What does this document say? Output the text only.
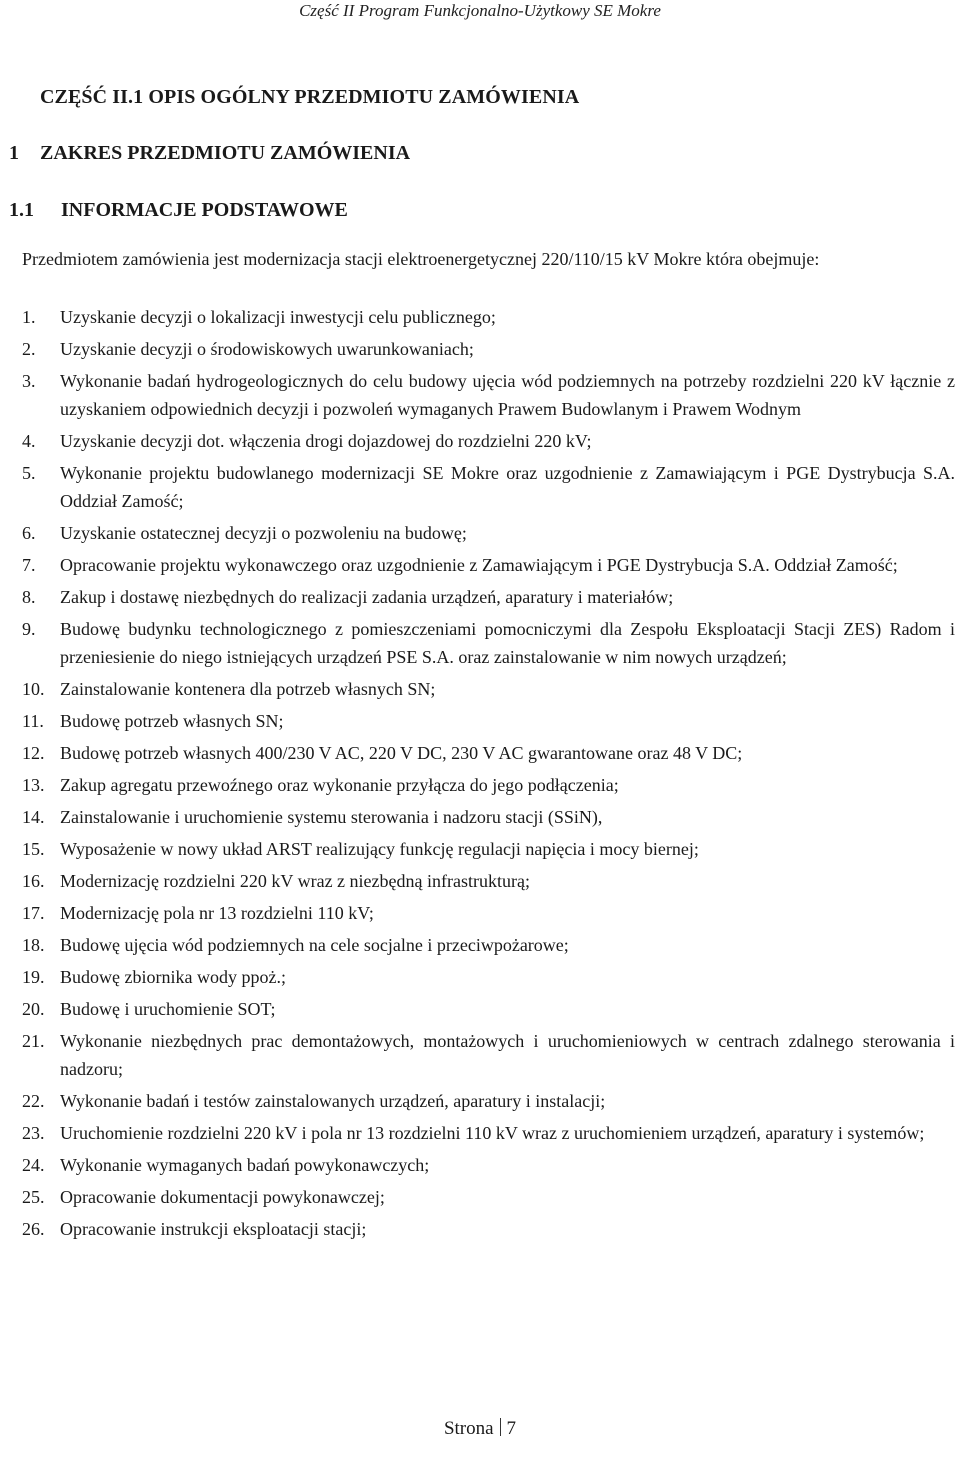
Część II Program Funkcjonalno-Użytkowy SE Mokre
CZĘŚĆ II.1 OPIS OGÓLNY PRZEDMIOTU ZAMÓWIENIA
1 ZAKRES PRZEDMIOTU ZAMÓWIENIA
1.1 INFORMACJE PODSTAWOWE
Przedmiotem zamówienia jest modernizacja stacji elektroenergetycznej 220/110/15 kV Mokre która obejmuje:
1. Uzyskanie decyzji o lokalizacji inwestycji celu publicznego;
2. Uzyskanie decyzji o środowiskowych uwarunkowaniach;
3. Wykonanie badań hydrogeologicznych do celu budowy ujęcia wód podziemnych na potrzeby rozdzielni 220 kV łącznie z uzyskaniem odpowiednich decyzji i pozwoleń wymaganych Prawem Budowlanym i Prawem Wodnym
4. Uzyskanie decyzji dot. włączenia drogi dojazdowej do rozdzielni 220 kV;
5. Wykonanie projektu budowlanego modernizacji SE Mokre oraz uzgodnienie z Zamawiającym i PGE Dystrybucja S.A. Oddział Zamość;
6. Uzyskanie ostatecznej decyzji o pozwoleniu na budowę;
7. Opracowanie projektu wykonawczego oraz uzgodnienie z Zamawiającym i PGE Dystrybucja S.A. Oddział Zamość;
8. Zakup i dostawę niezbędnych do realizacji zadania urządzeń, aparatury i materiałów;
9. Budowę budynku technologicznego z pomieszczeniami pomocniczymi dla Zespołu Eksploatacji Stacji ZES) Radom i przeniesienie do niego istniejących urządzeń PSE S.A. oraz zainstalowanie w nim nowych urządzeń;
10. Zainstalowanie kontenera dla potrzeb własnych SN;
11. Budowę potrzeb własnych SN;
12. Budowę potrzeb własnych 400/230 V AC, 220 V DC, 230 V AC gwarantowane oraz 48 V DC;
13. Zakup agregatu przewoźnego oraz wykonanie przyłącza do jego podłączenia;
14. Zainstalowanie i uruchomienie systemu sterowania i nadzoru stacji (SSiN),
15. Wyposażenie w nowy układ ARST realizujący funkcję regulacji napięcia i mocy biernej;
16. Modernizację rozdzielni 220 kV wraz z niezbędną infrastrukturą;
17. Modernizację pola nr 13 rozdzielni 110 kV;
18. Budowę ujęcia wód podziemnych na cele socjalne i przeciwpożarowe;
19. Budowę zbiornika wody ppoż.;
20. Budowę i uruchomienie SOT;
21. Wykonanie niezbędnych prac demontażowych, montażowych i uruchomieniowych w centrach zdalnego sterowania i nadzoru;
22. Wykonanie badań i testów zainstalowanych urządzeń, aparatury i instalacji;
23. Uruchomienie rozdzielni 220 kV i pola nr 13 rozdzielni 110 kV wraz z uruchomieniem urządzeń, aparatury i systemów;
24. Wykonanie wymaganych badań powykonawczych;
25. Opracowanie dokumentacji powykonawczej;
26. Opracowanie instrukcji eksploatacji stacji;
Strona 7
